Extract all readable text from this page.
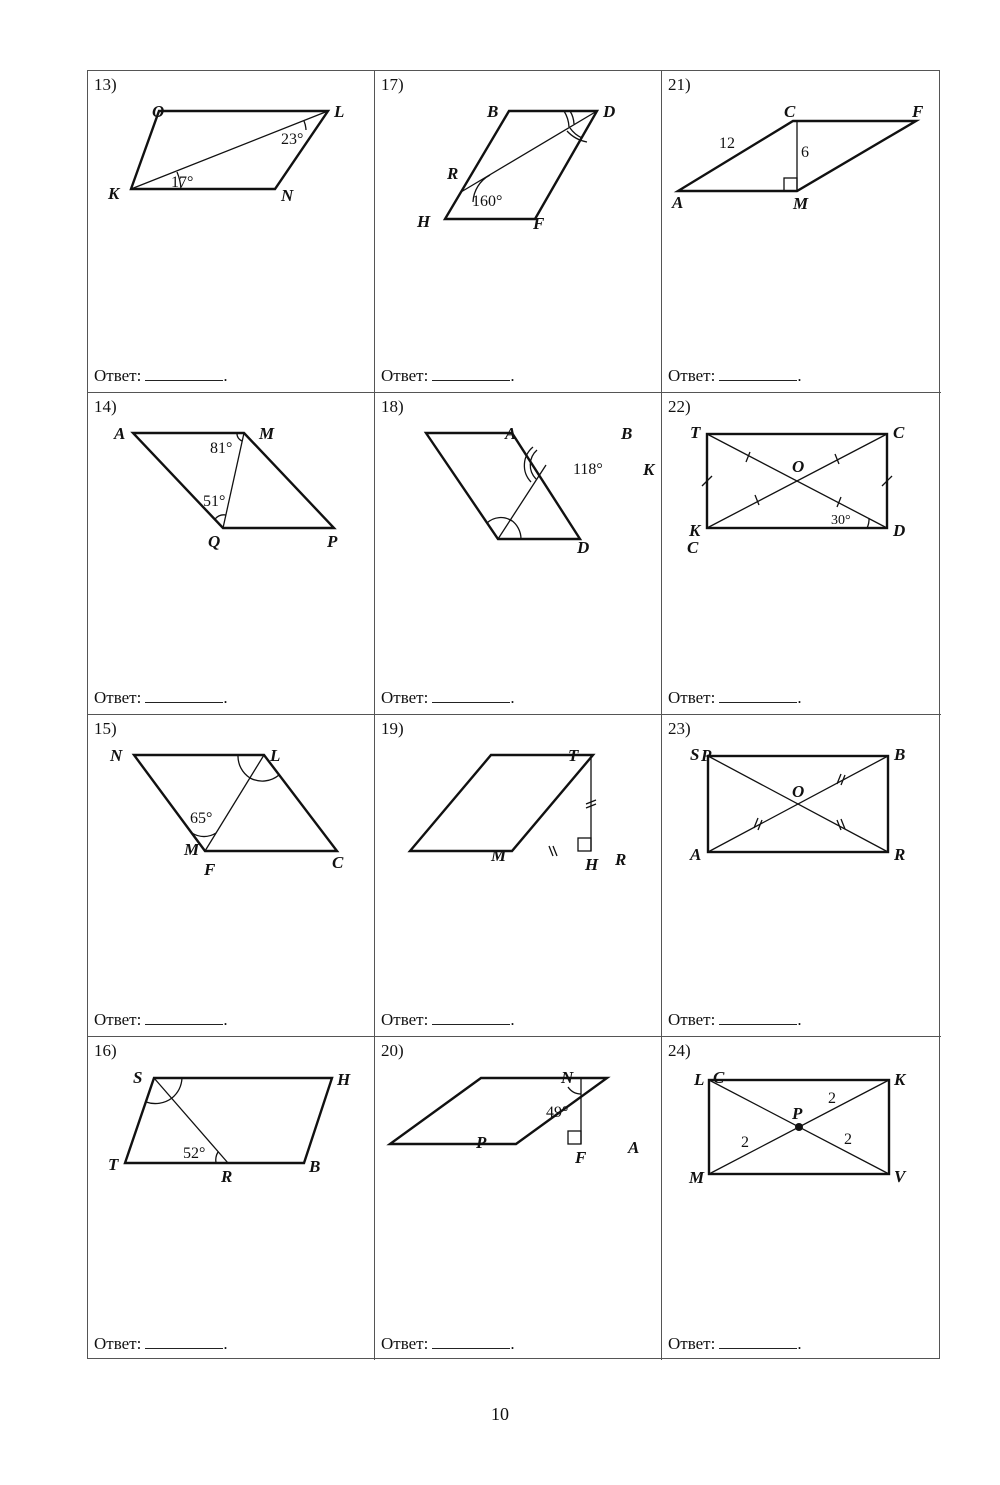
13)
O	L
K	N
23°
17°
Ответ:	.
17)
B	D
R
H	F
160°
Ответ:	.
21)
C	F
A	M
12
6
Ответ:	.
14)
A	M
Q	P
81°
51°
Ответ:	.
18)
A	B
K
D	C
118°
Ответ:	.
22)
T	C
O
K	D
30°
Ответ:	.
15)
N	L
M
F	C
65°
Ответ:	.
19)
T	P
M	H R
Ответ:	.
23)
S	B
O
A	R
Ответ:	.
16)
S	H
T
R
B
52°
Ответ:	.
20)
N	C
P
F
A
49°
Ответ:	.
24)
L	K
P
M	V
2
2	2
Ответ:	.
10
